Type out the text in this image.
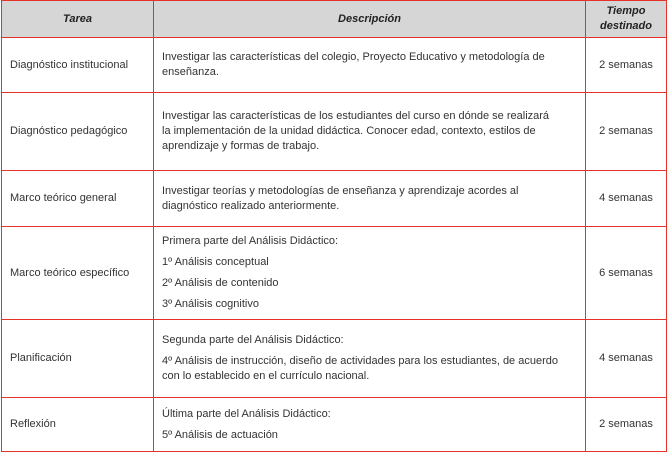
Tarea	Descripción	Tiempo
destinado

Diagnóstico institucional	Investigar las características del colegio, Proyecto Educativo y metodología de
enseñanza.	2 semanas
Diagnóstico pedagógico	Investigar las características de los estudiantes del curso en dónde se realizará
la implementación de la unidad didáctica. Conocer edad, contexto, estilos de
aprendizaje y formas de trabajo.	2 semanas
Marco teórico general	Investigar teorías y metodologías de enseñanza y aprendizaje acordes al
diagnóstico realizado anteriormente.	4 semanas
Marco teórico específico	Primera parte del Análisis Didáctico:
1º Análisis conceptual
2º Análisis de contenido
3º Análisis cognitivo	6 semanas
Planificación	Segunda parte del Análisis Didáctico:
4º Análisis de instrucción, diseño de actividades para los estudiantes, de acuerdo
con lo establecido en el currículo nacional.	4 semanas
Reflexión	Última parte del Análisis Didáctico:
5º Análisis de actuación	2 semanas
